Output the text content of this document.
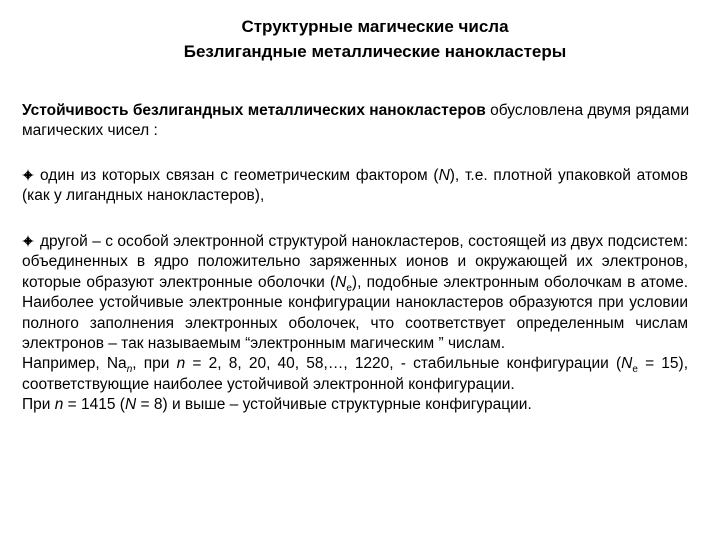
Структурные магические числа
Безлигандные металлические нанокластеры
Устойчивость безлигандных металлических нанокластеров обусловлена двумя рядами магических чисел :
один из которых связан с геометрическим фактором (N), т.е. плотной упаковкой атомов (как у лигандных нанокластеров),
другой – с особой электронной структурой нанокластеров, состоящей из двух подсистем: объединенных в ядро положительно заряженных ионов и окружающей их электронов, которые образуют электронные оболочки $(N_e)$, подобные электронным оболочкам в атоме. Наиболее устойчивые электронные конфигурации нанокластеров образуются при условии полного заполнения электронных оболочек, что соответствует определенным числам электронов – так называемым “электронным магическим ” числам.
Например, $Na_n$, при n = 2, 8, 20, 40, 58,…, 1220, - стабильные конфигурации $(N_e = 15)$, соответствующие наиболее устойчивой электронной конфигурации.
При n = 1415 (N = 8) и выше – устойчивые структурные конфигурации.
